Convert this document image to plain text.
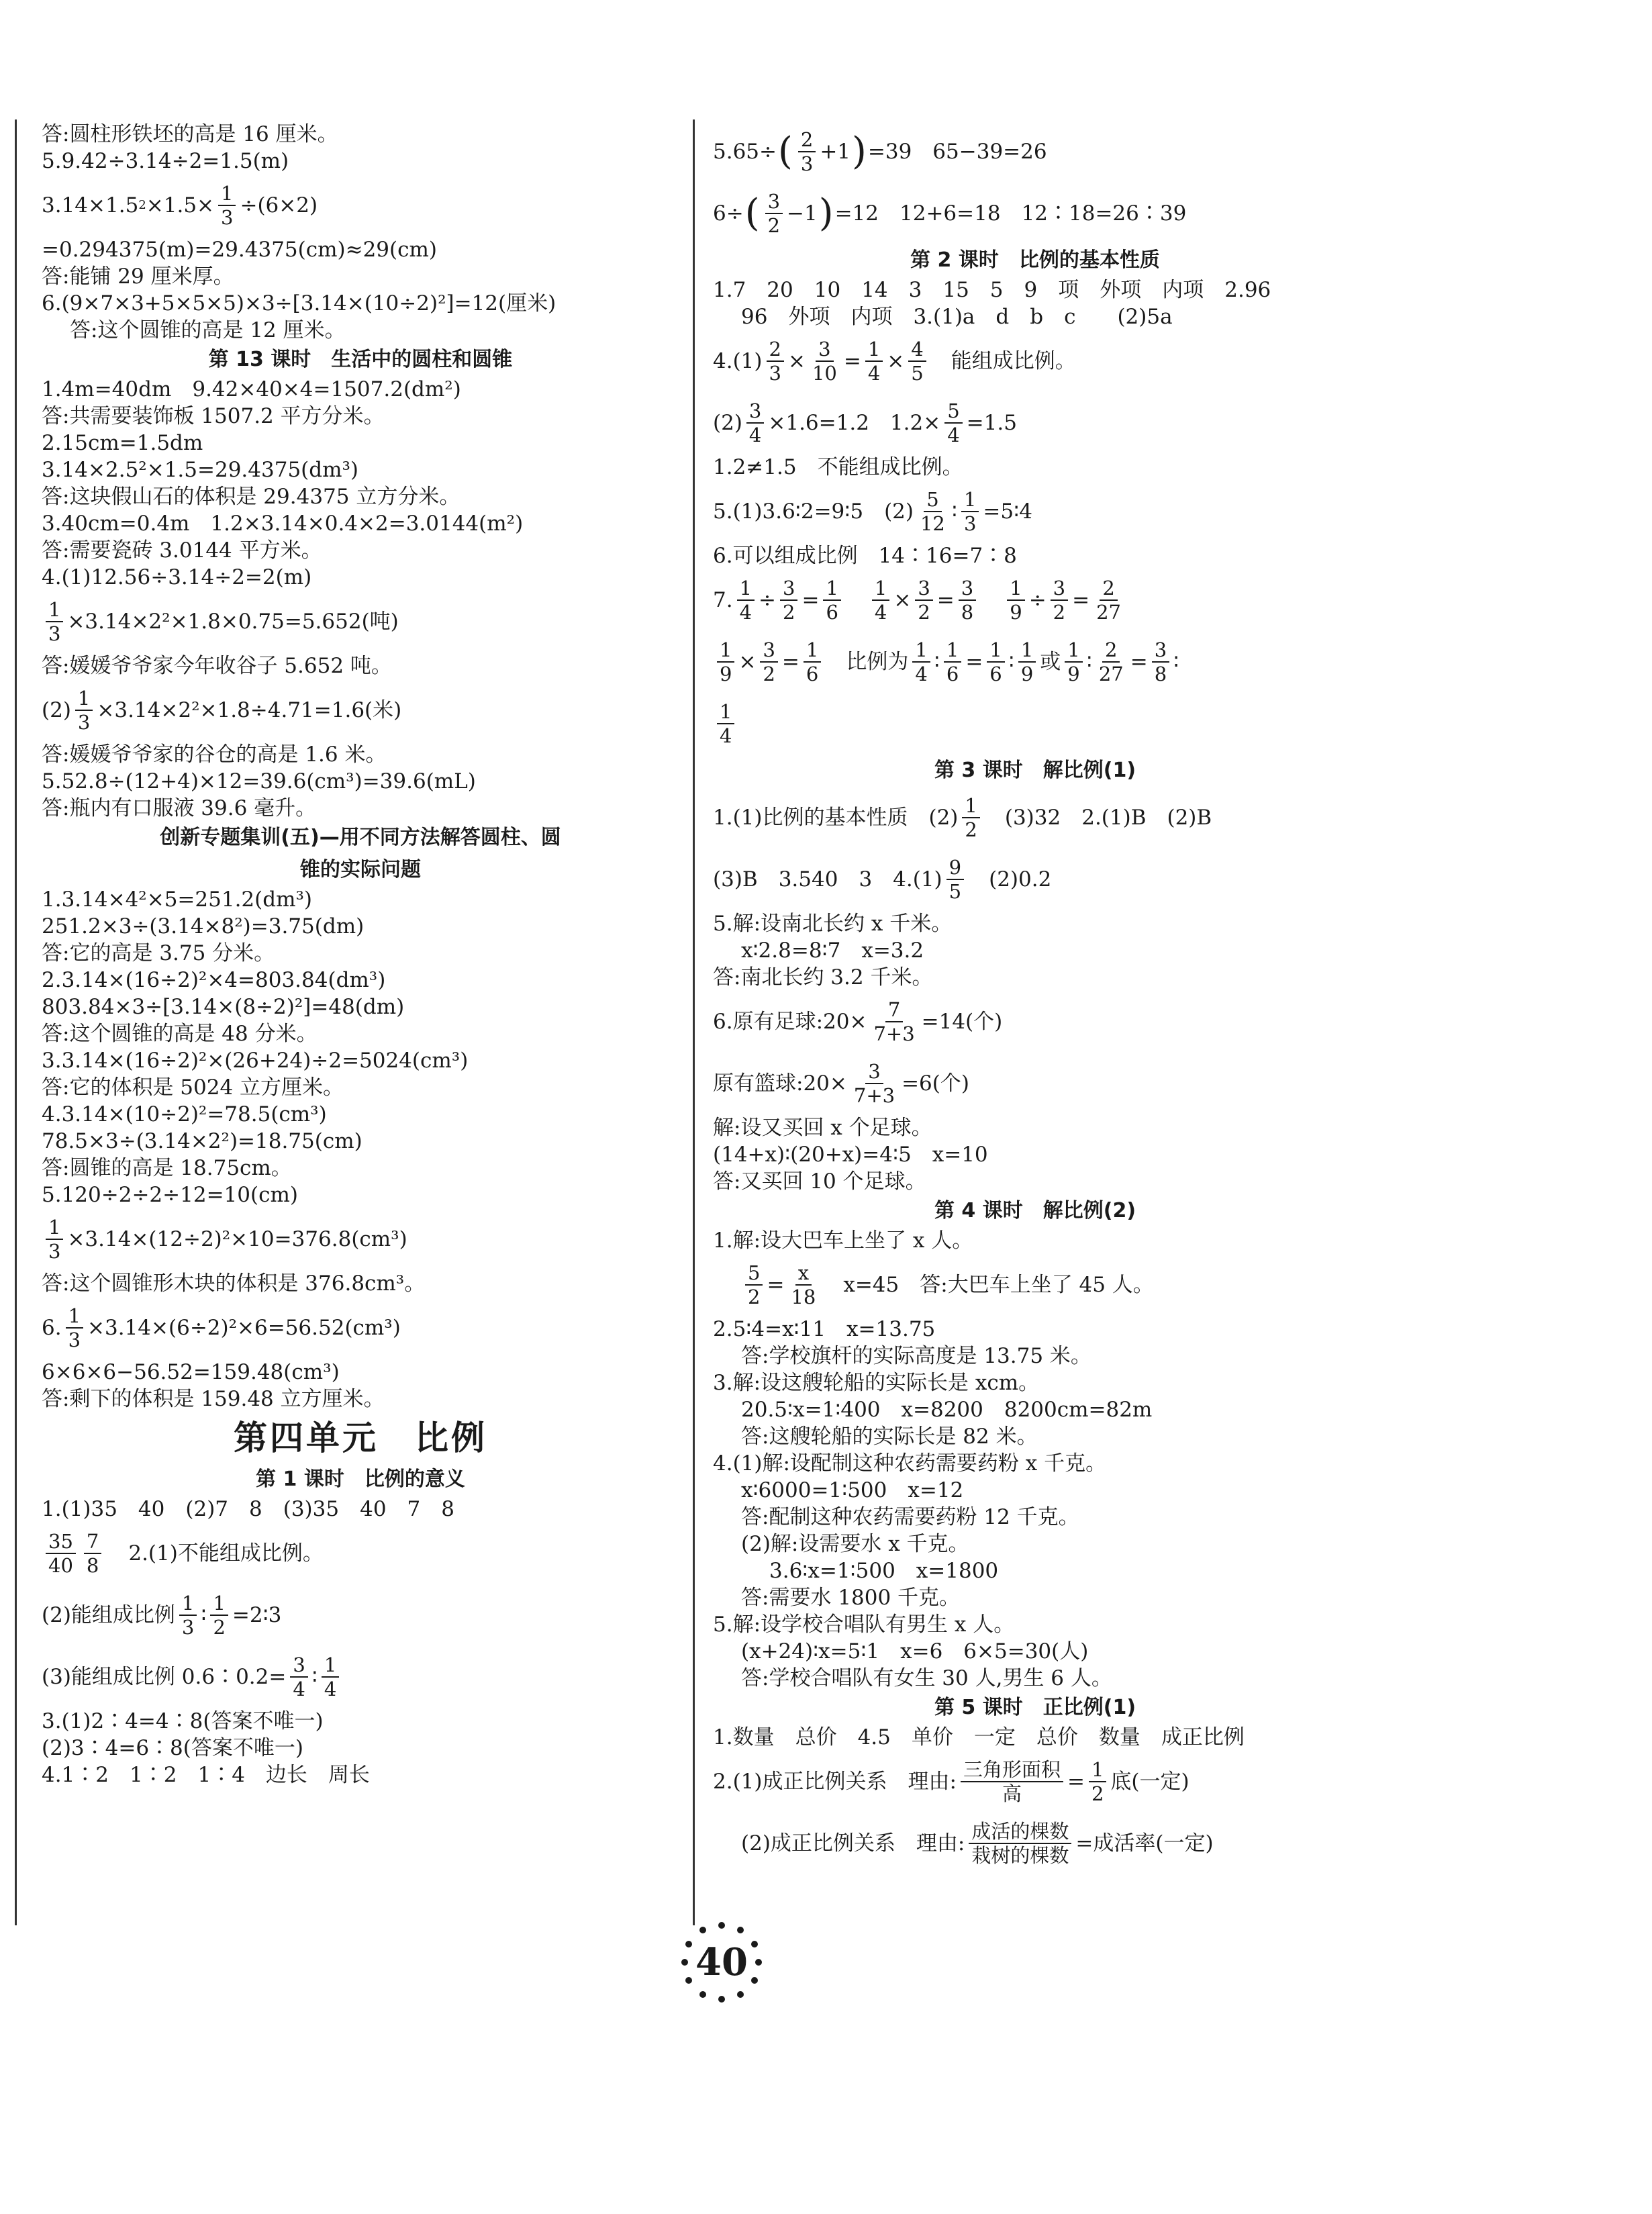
答:圆柱形铁坯的高是 16 厘米。
5.9.42÷3.14÷2=1.5(m)
3.14×1.5 $2 \times 1.5\times \frac{1}{3} \div(6\times 2)$
=0.294375(m)=29.4375(cm)≈29(cm)
答:能铺 29 厘米厚。
6.(9×7×3+5×5×5)×3÷[3.14×(10÷2)²]=12(厘米)
答:这个圆锥的高是 12 厘米。
第 13 课时　生活中的圆柱和圆锥
1.4m=40dm　9.42×40×4=1507.2(dm²)
答:共需要装饰板 1507.2 平方分米。
2.15cm=1.5dm
3.14×2.5²×1.5=29.4375(dm³)
答:这块假山石的体积是 29.4375 立方分米。
3.40cm=0.4m　1.2×3.14×0.4×2=3.0144(m²)
答:需要瓷砖 3.0144 平方米。
4.(1)12.56÷3.14÷2=2(m)
$\frac{1}{3} \times 3.14\times 2^2\times 1.8\times 0.75=5.652$(吨)
答:媛媛爷爷家今年收谷子 5.652 吨。
$(2) \frac{1}{3} \times 3.14\times 2^2\times 1.8\div 4.71=1.6$(米)
答:媛媛爷爷家的谷仓的高是 1.6 米。
5.52.8÷(12+4)×12=39.6(cm³)=39.6(mL)
答:瓶内有口服液 39.6 毫升。
创新专题集训(五)—用不同方法解答圆柱、圆
锥的实际问题
1.3.14×4²×5=251.2(dm³)
251.2×3÷(3.14×8²)=3.75(dm)
答:它的高是 3.75 分米。
2.3.14×(16÷2)²×4=803.84(dm³)
803.84×3÷[3.14×(8÷2)²]=48(dm)
答:这个圆锥的高是 48 分米。
3.3.14×(16÷2)²×(26+24)÷2=5024(cm³)
答:它的体积是 5024 立方厘米。
4.3.14×(10÷2)²=78.5(cm³)
78.5×3÷(3.14×2²)=18.75(cm)
答:圆锥的高是 18.75cm。
5.120÷2÷2÷12=10(cm)
$\frac{1}{3} \times 3.14\times(12\div 2)^2\times 10=376.8(cm^3)$
答:这个圆锥形木块的体积是 376.8cm³。
6. $\frac{1}{3} \times 3.14\times(6\div 2)^2\times 6=56.52(cm^3)$
6×6×6−56.52=159.48(cm³)
答:剩下的体积是 159.48 立方厘米。
第四单元　比例
第 1 课时　比例的意义
1.(1)35　40　(2)7　8　(3)35　40　7　8
$\frac{35}{40} \frac{7}{8} 2.(1)$不能组成比例。
(2)能组成比例 $\frac{1}{3}$ ∶ $\frac{1}{2}$ =2∶3
(3)能组成比例 0.6∶0.2= $\frac{3}{4}$ ∶ $\frac{1}{4}$
3.(1)2∶4=4∶8(答案不唯一)
(2)3∶4=6∶8(答案不唯一)
4.1∶2　1∶2　1∶4　边长　周长
5.65÷ ( $\frac{2}{3} +1$ ) =39　65−39=26
6÷ ( $\frac{3}{2} -1$ ) =12　12+6=18　12∶18=26∶39
第 2 课时　比例的基本性质
1.7　20　10　14　3　15　5　9　项　外项　内项　2.96
96　外项　内项　3.(1)a　d　b　c　　(2)5a
$4.(1) \frac{2}{3} \times \frac{3}{10} = \frac{1}{4} \times \frac{4}{5}$ 　能组成比例。
$(2) \frac{3}{4} \times 1.6=1.2$　$1.2\times \frac{5}{4} =1.5$
1.2≠1.5　不能组成比例。
5.(1)3.6∶2=9∶5　$(2) \frac{5}{12}$ ∶ $\frac{1}{3}$ =5∶4
6.可以组成比例　14∶16=7∶8
7. $\frac{1}{4} \div \frac{3}{2} = \frac{1}{6} \frac{1}{4} \times \frac{3}{2} = \frac{3}{8} \frac{1}{9} \div \frac{3}{2} = \frac{2}{27}$
$\frac{1}{9} \times \frac{3}{2} = \frac{1}{6}$ 　比例为 $\frac{1}{4}$ ∶ $\frac{1}{6} = \frac{1}{6}$ ∶ $\frac{1}{9}$ 或 $\frac{1}{9}$ ∶ $\frac{2}{27} = \frac{3}{8}$ ∶
$\frac{1}{4}$
第 3 课时　解比例(1)
1.(1)比例的基本性质　$(2) \frac{1}{2}$ 　(3)32　2.(1)B　(2)B
(3)B　3.540　3　$4.(1) \frac{9}{5}$ 　(2)0.2
5.解:设南北长约 x 千米。
x∶2.8=8∶7　x=3.2
答:南北长约 3.2 千米。
6.原有足球:20× $\frac{7}{7+3} =14$(个)
原有篮球:20× $\frac{3}{7+3} =6$(个)
解:设又买回 x 个足球。
(14+x)∶(20+x)=4∶5　x=10
答:又买回 10 个足球。
第 4 课时　解比例(2)
1.解:设大巴车上坐了 x 人。
$\frac{5}{2} = \frac{x}{18}$ 　x=45　答:大巴车上坐了 45 人。
2.5∶4=x∶11　x=13.75
答:学校旗杆的实际高度是 13.75 米。
3.解:设这艘轮船的实际长是 xcm。
20.5∶x=1∶400　x=8200　8200cm=82m
答:这艘轮船的实际长是 82 米。
4.(1)解:设配制这种农药需要药粉 x 千克。
x∶6000=1∶500　x=12
答:配制这种农药需要药粉 12 千克。
(2)解:设需要水 x 千克。
3.6∶x=1∶500　x=1800
答:需要水 1800 千克。
5.解:设学校合唱队有男生 x 人。
(x+24)∶x=5∶1　x=6　6×5=30(人)
答:学校合唱队有女生 30 人,男生 6 人。
第 5 课时　正比例(1)
1.数量　总价　4.5　单价　一定　总价　数量　成正比例
2.(1)成正比例关系　理由: $\frac{\text{三角形面积}}{\text{高}} = \frac{1}{2}$ 底(一定)
(2)成正比例关系　理由: $\frac{\text{成活的棵数}}{\text{栽树的棵数}}$ =成活率(一定)
40
